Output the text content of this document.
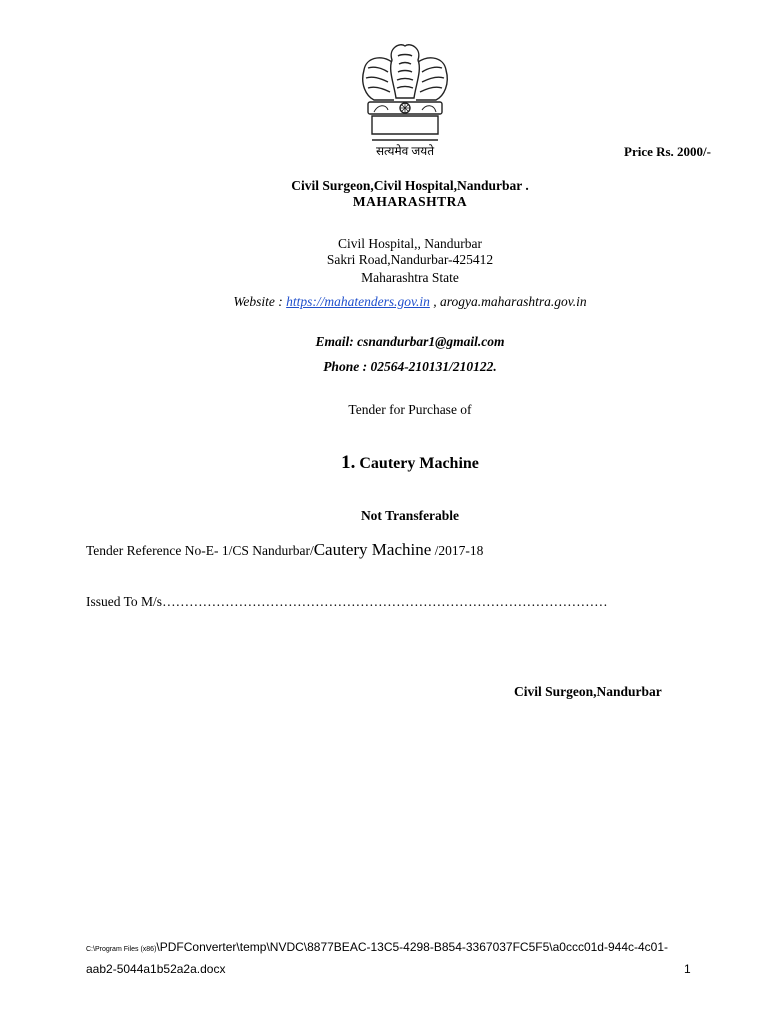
सत्यमेव जयते	Price Rs. 2000/-
Civil Surgeon,Civil Hospital,Nandurbar .
MAHARASHTRA
Civil Hospital,, Nandurbar
Sakri Road,Nandurbar-425412
Maharashtra State
Website : https://mahatenders.gov.in , arogya.maharashtra.gov.in
Email: csnandurbar1@gmail.com
Phone : 02564-210131/210122.
Tender for Purchase of
1. Cautery Machine
Not Transferable
Tender Reference No-E- 1/CS Nandurbar/Cautery Machine /2017-18
Issued To M/s………………………………………………………………………………………
Civil Surgeon,Nandurbar
C:\Program Files (x86)\PDFConverter\temp\NVDC\8877BEAC-13C5-4298-B854-3367037FC5F5\a0ccc01d-944c-4c01-
aab2-5044a1b52a2a.docx	1
